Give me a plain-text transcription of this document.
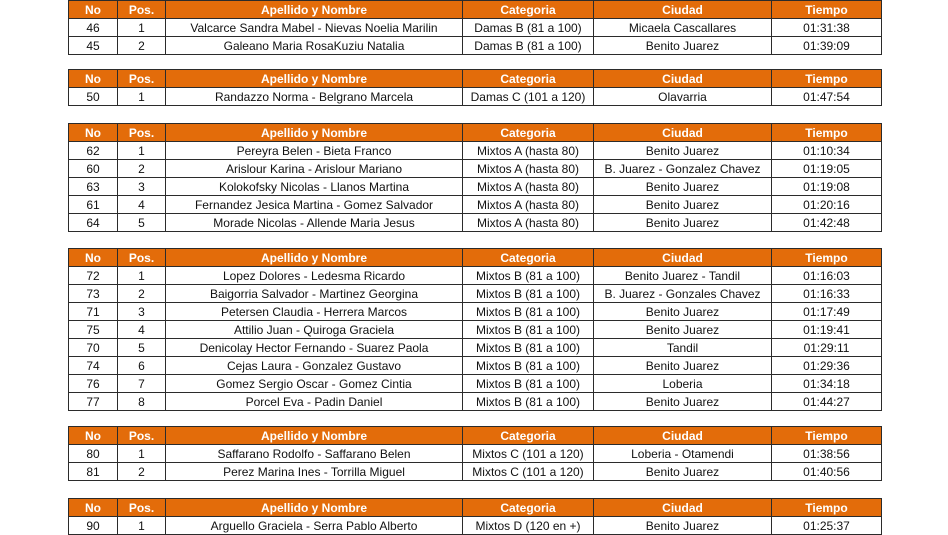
No	Pos.	Apellido y Nombre	Categoria	Ciudad	Tiempo
46	1	Valcarce Sandra Mabel - Nievas Noelia Marilin	Damas B (81 a 100)	Micaela Cascallares	01:31:38
45	2	Galeano Maria RosaKuziu Natalia	Damas B (81 a 100)	Benito Juarez	01:39:09
No	Pos.	Apellido y Nombre	Categoria	Ciudad	Tiempo
50	1	Randazzo Norma - Belgrano Marcela	Damas C (101 a 120)	Olavarria	01:47:54
No	Pos.	Apellido y Nombre	Categoria	Ciudad	Tiempo
62	1	Pereyra Belen - Bieta Franco	Mixtos A (hasta 80)	Benito Juarez	01:10:34
60	2	Arislour Karina - Arislour Mariano	Mixtos A (hasta 80)	B. Juarez - Gonzalez Chavez	01:19:05
63	3	Kolokofsky Nicolas - Llanos Martina	Mixtos A (hasta 80)	Benito Juarez	01:19:08
61	4	Fernandez Jesica Martina - Gomez Salvador	Mixtos A (hasta 80)	Benito Juarez	01:20:16
64	5	Morade Nicolas - Allende Maria Jesus	Mixtos A (hasta 80)	Benito Juarez	01:42:48
No	Pos.	Apellido y Nombre	Categoria	Ciudad	Tiempo
72	1	Lopez Dolores - Ledesma Ricardo	Mixtos B (81 a 100)	Benito Juarez - Tandil	01:16:03
73	2	Baigorria Salvador - Martinez Georgina	Mixtos B (81 a 100)	B. Juarez - Gonzales Chavez	01:16:33
71	3	Petersen Claudia - Herrera Marcos	Mixtos B (81 a 100)	Benito Juarez	01:17:49
75	4	Attilio Juan - Quiroga Graciela	Mixtos B (81 a 100)	Benito Juarez	01:19:41
70	5	Denicolay Hector Fernando - Suarez Paola	Mixtos B (81 a 100)	Tandil	01:29:11
74	6	Cejas Laura - Gonzalez Gustavo	Mixtos B (81 a 100)	Benito Juarez	01:29:36
76	7	Gomez Sergio Oscar - Gomez Cintia	Mixtos B (81 a 100)	Loberia	01:34:18
77	8	Porcel Eva - Padin Daniel	Mixtos B (81 a 100)	Benito Juarez	01:44:27
No	Pos.	Apellido y Nombre	Categoria	Ciudad	Tiempo
80	1	Saffarano Rodolfo - Saffarano Belen	Mixtos C (101 a 120)	Loberia - Otamendi	01:38:56
81	2	Perez Marina Ines - Torrilla Miguel	Mixtos C (101 a 120)	Benito Juarez	01:40:56
No	Pos.	Apellido y Nombre	Categoria	Ciudad	Tiempo
90	1	Arguello Graciela - Serra Pablo Alberto	Mixtos D (120 en +)	Benito Juarez	01:25:37
